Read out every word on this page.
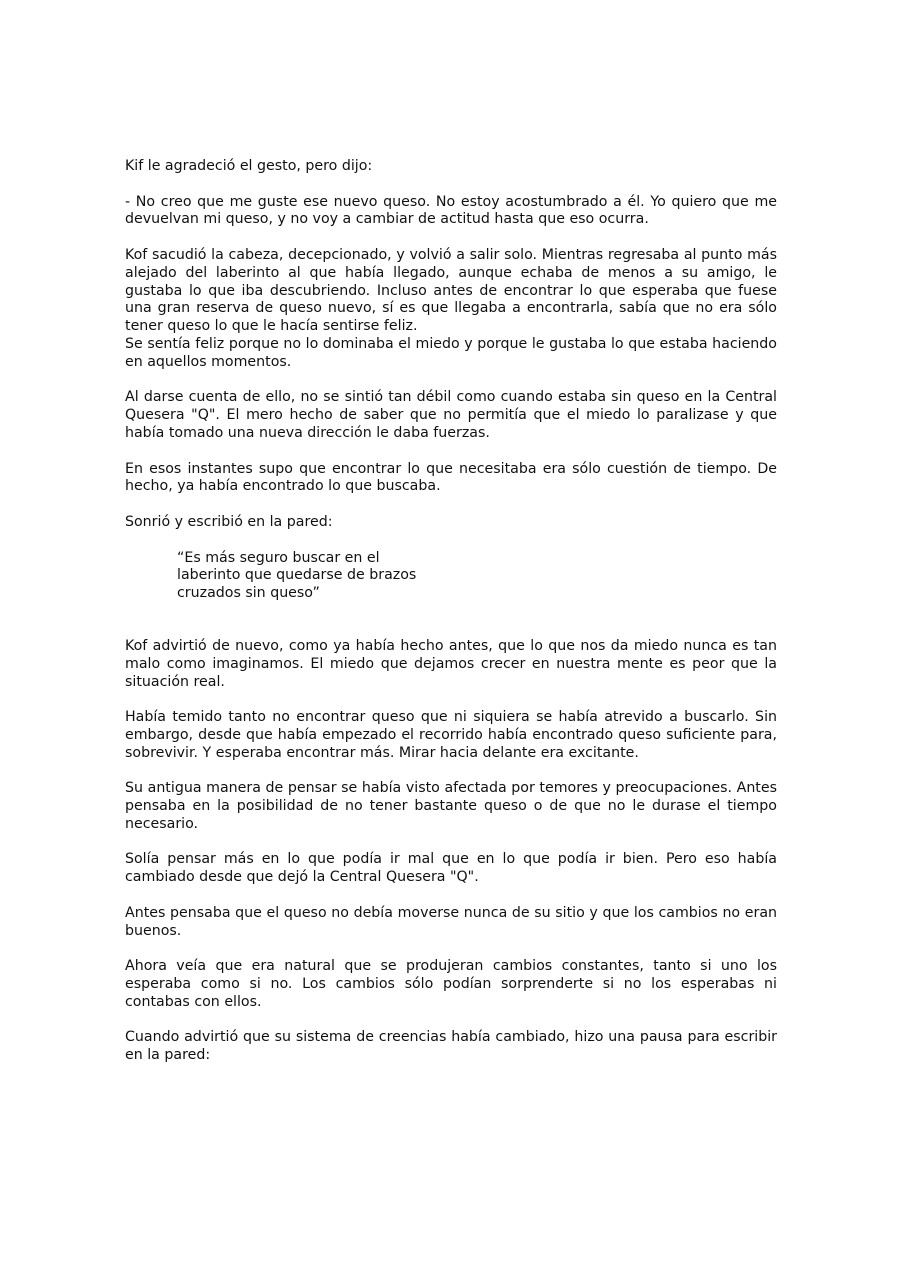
Kif le agradeció el gesto, pero dijo:

- No creo que me guste ese nuevo queso. No estoy acostumbrado a él. Yo quiero que me devuelvan mi queso, y no voy a cambiar de actitud hasta que eso ocurra.

Kof sacudió la cabeza, decepcionado, y volvió a salir solo. Mientras regresaba al punto más alejado del laberinto al que había llegado, aunque echaba de menos a su amigo, le gustaba lo que iba descubriendo. Incluso antes de encontrar lo que esperaba que fuese una gran reserva de queso nuevo, sí es que llegaba a encontrarla, sabía que no era sólo tener queso lo que le hacía sentirse feliz.

Se sentía feliz porque no lo dominaba el miedo y porque le gustaba lo que estaba haciendo en aquellos momentos.

Al darse cuenta de ello, no se sintió tan débil como cuando estaba sin queso en la Central Quesera "Q". El mero hecho de saber que no permitía que el miedo lo paralizase y que había tomado una nueva dirección le daba fuerzas.

En esos instantes supo que encontrar lo que necesitaba era sólo cuestión de tiempo. De hecho, ya había encontrado lo que buscaba.

Sonrió y escribió en la pared:

“Es más seguro buscar en el
laberinto que quedarse de brazos
cruzados sin queso”

Kof advirtió de nuevo, como ya había hecho antes, que lo que nos da miedo nunca es tan malo como imaginamos. El miedo que dejamos crecer en nuestra mente es peor que la situación real.

Había temido tanto no encontrar queso que ni siquiera se había atrevido a buscarlo. Sin embargo, desde que había empezado el recorrido había encontrado queso suficiente para, sobrevivir. Y esperaba encontrar más. Mirar hacia delante era excitante.

Su antigua manera de pensar se había visto afectada por temores y preocupaciones. Antes pensaba en la posibilidad de no tener bastante queso o de que no le durase el tiempo necesario.

Solía pensar más en lo que podía ir mal que en lo que podía ir bien. Pero eso había cambiado desde que dejó la Central Quesera "Q".

Antes pensaba que el queso no debía moverse nunca de su sitio y que los cambios no eran buenos.

Ahora veía que era natural que se produjeran cambios constantes, tanto si uno los esperaba como si no. Los cambios sólo podían sorprenderte si no los esperabas ni contabas con ellos.

Cuando advirtió que su sistema de creencias había cambiado, hizo una pausa para escribir en la pared:
